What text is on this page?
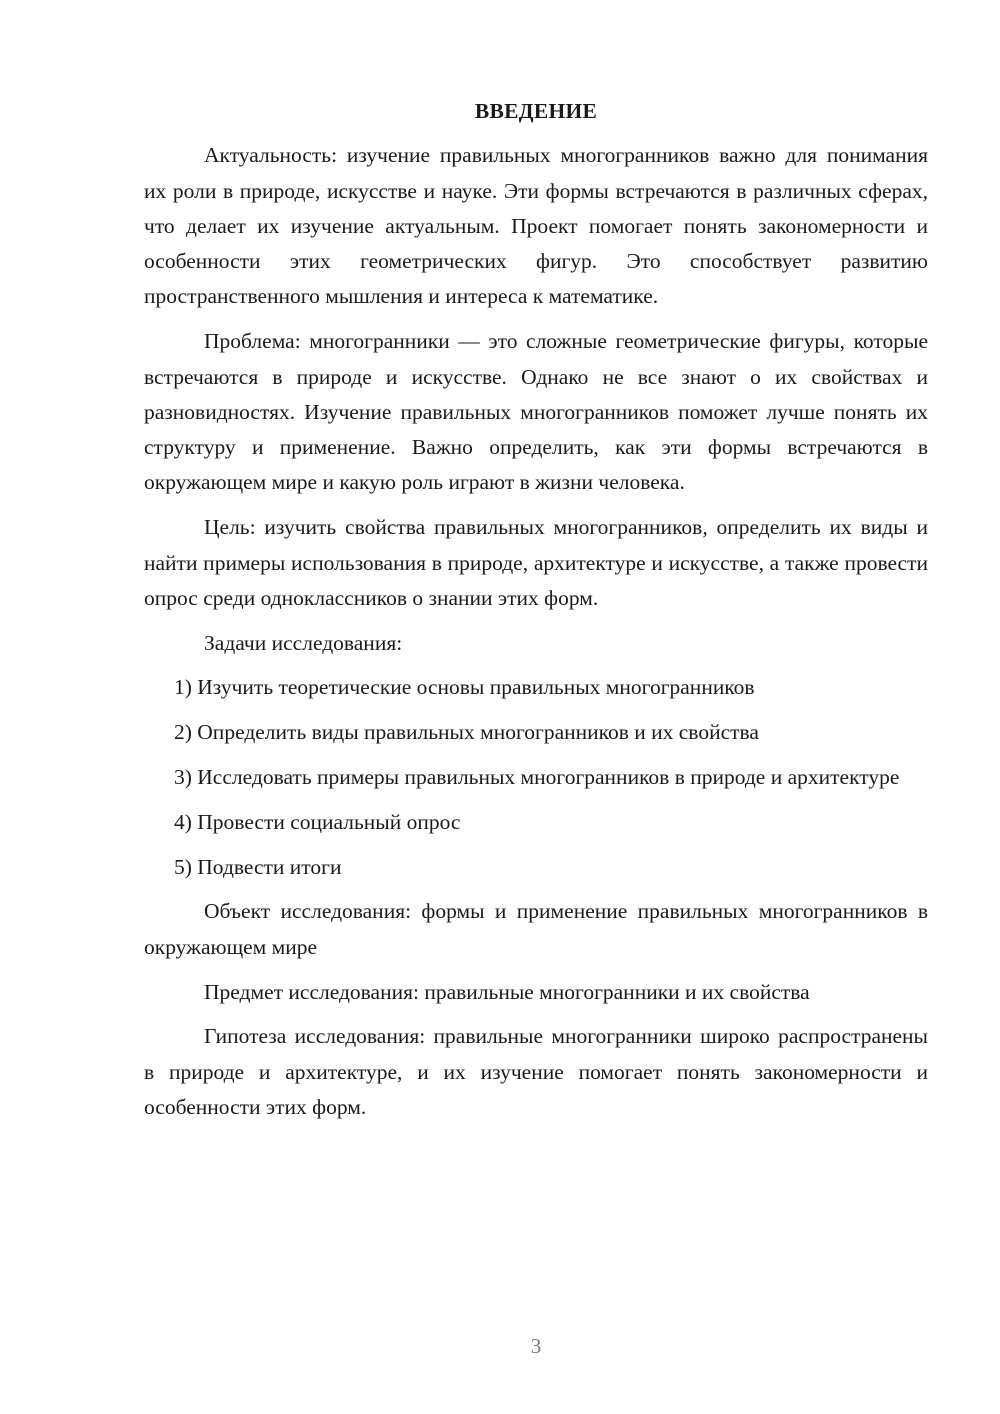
ВВЕДЕНИЕ

Актуальность: изучение правильных многогранников важно для понимания их роли в природе, искусстве и науке. Эти формы встречаются в различных сферах, что делает их изучение актуальным. Проект помогает понять закономерности и особенности этих геометрических фигур. Это способствует развитию пространственного мышления и интереса к математике.

Проблема: многогранники — это сложные геометрические фигуры, которые встречаются в природе и искусстве. Однако не все знают о их свойствах и разновидностях. Изучение правильных многогранников поможет лучше понять их структуру и применение. Важно определить, как эти формы встречаются в окружающем мире и какую роль играют в жизни человека.

Цель: изучить свойства правильных многогранников, определить их виды и найти примеры использования в природе, архитектуре и искусстве, а также провести опрос среди одноклассников о знании этих форм.

Задачи исследования:

1) Изучить теоретические основы правильных многогранников

2) Определить виды правильных многогранников и их свойства

3) Исследовать примеры правильных многогранников в природе и архитектуре

4) Провести социальный опрос

5) Подвести итоги

Объект исследования: формы и применение правильных многогранников в окружающем мире

Предмет исследования: правильные многогранники и их свойства

Гипотеза исследования: правильные многогранники широко распространены в природе и архитектуре, и их изучение помогает понять закономерности и особенности этих форм.

3
